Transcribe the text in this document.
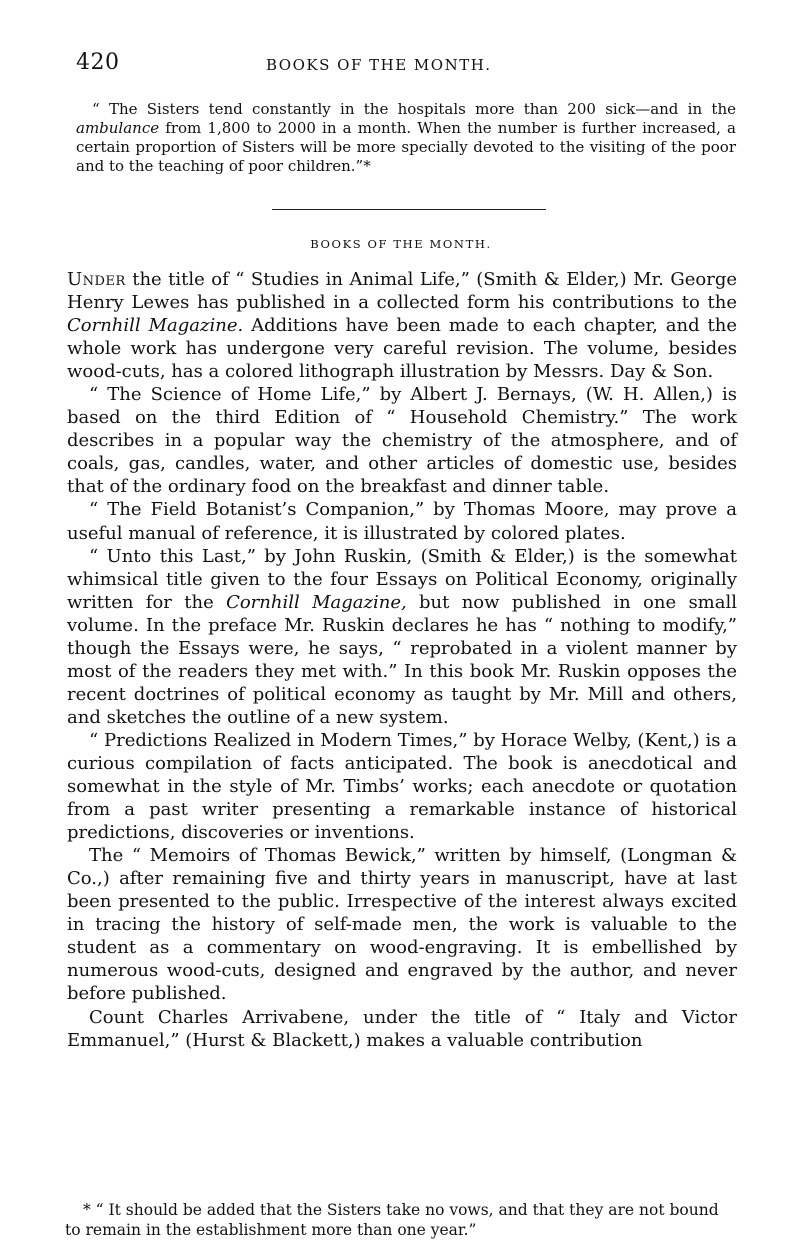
420	BOOKS OF THE MONTH.
“ The Sisters tend constantly in the hospitals more than 200 sick—and in the ambulance from 1,800 to 2000 in a month. When the number is further increased, a certain proportion of Sisters will be more specially devoted to the visiting of the poor and to the teaching of poor children.”*
BOOKS OF THE MONTH.

Under the title of “ Studies in Animal Life,” (Smith & Elder,) Mr. George Henry Lewes has published in a collected form his contributions to the Cornhill Magazine. Additions have been made to each chapter, and the whole work has undergone very careful revision. The volume, besides wood-cuts, has a colored lithograph illustration by Messrs. Day & Son.

“ The Science of Home Life,” by Albert J. Bernays, (W. H. Allen,) is based on the third Edition of “ Household Chemistry.” The work describes in a popular way the chemistry of the atmosphere, and of coals, gas, candles, water, and other articles of domestic use, besides that of the ordinary food on the breakfast and dinner table.

“ The Field Botanist’s Companion,” by Thomas Moore, may prove a useful manual of reference, it is illustrated by colored plates.

“ Unto this Last,” by John Ruskin, (Smith & Elder,) is the somewhat whimsical title given to the four Essays on Political Economy, originally written for the Cornhill Magazine, but now published in one small volume. In the preface Mr. Ruskin declares he has “ nothing to modify,” though the Essays were, he says, “ reprobated in a violent manner by most of the readers they met with.” In this book Mr. Ruskin opposes the recent doctrines of political economy as taught by Mr. Mill and others, and sketches the outline of a new system.

“ Predictions Realized in Modern Times,” by Horace Welby, (Kent,) is a curious compilation of facts anticipated. The book is anecdotical and somewhat in the style of Mr. Timbs’ works; each anecdote or quotation from a past writer presenting a remarkable instance of historical predictions, discoveries or inventions.

The “ Memoirs of Thomas Bewick,” written by himself, (Longman & Co.,) after remaining five and thirty years in manuscript, have at last been presented to the public. Irrespective of the interest always excited in tracing the history of self-made men, the work is valuable to the student as a commentary on wood-engraving. It is embellished by numerous wood-cuts, designed and engraved by the author, and never before published.

Count Charles Arrivabene, under the title of “ Italy and Victor Emmanuel,” (Hurst & Blackett,) makes a valuable contribution

* “ It should be added that the Sisters take no vows, and that they are not bound to remain in the establishment more than one year.”
